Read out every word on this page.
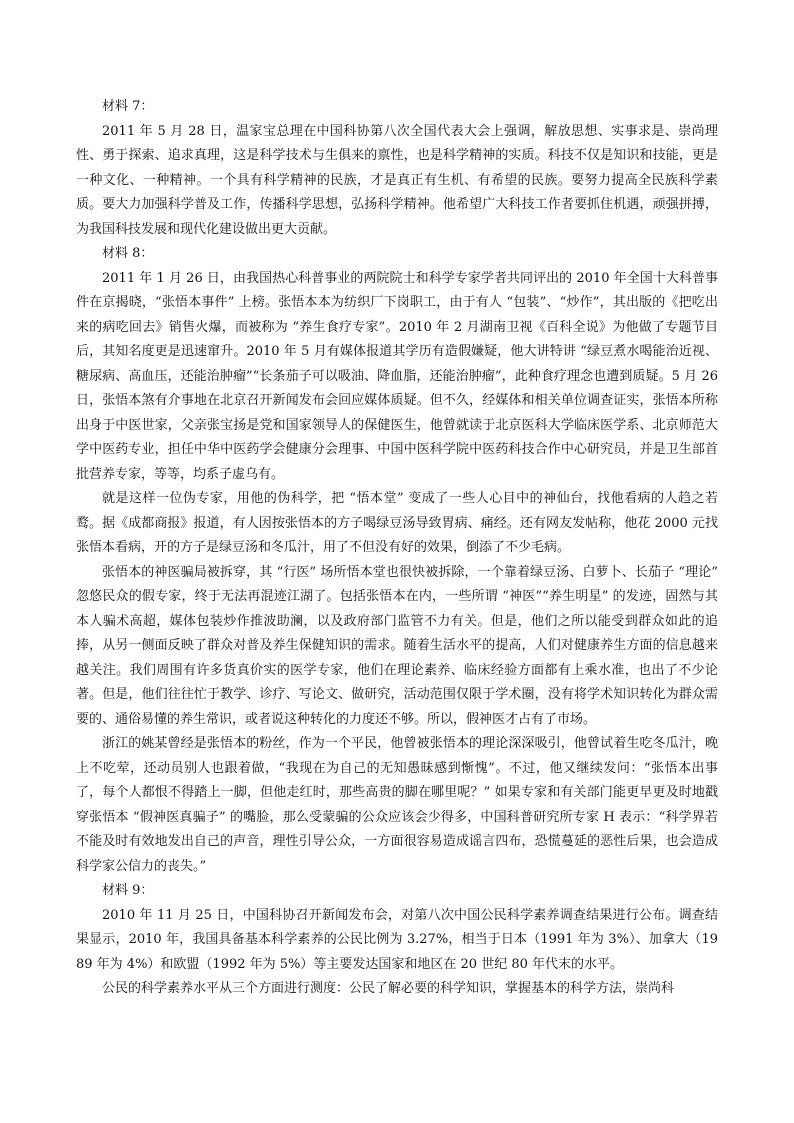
材料 7：

2011 年 5 月 28 日，温家宝总理在中国科协第八次全国代表大会上强调，解放思想、实事求是、崇尚理性、勇于探索、追求真理，这是科学技术与生俱来的禀性，也是科学精神的实质。科技不仅是知识和技能，更是一种文化、一种精神。一个具有科学精神的民族，才是真正有生机、有希望的民族。要努力提高全民族科学素质。要大力加强科学普及工作，传播科学思想，弘扬科学精神。他希望广大科技工作者要抓住机遇，顽强拼搏，为我国科技发展和现代化建设做出更大贡献。

材料 8：

2011 年 1 月 26 日，由我国热心科普事业的两院院士和科学专家学者共同评出的 2010 年全国十大科普事件在京揭晓，“张悟本事件” 上榜。张悟本本为纺织厂下岗职工，由于有人 “包装”、“炒作”，其出版的《把吃出来的病吃回去》销售火爆，而被称为 “养生食疗专家”。2010 年 2 月湖南卫视《百科全说》为他做了专题节目后，其知名度更是迅速窜升。2010 年 5 月有媒体报道其学历有造假嫌疑，他大讲特讲 “绿豆煮水喝能治近视、糖尿病、高血压，还能治肿瘤”“长条茄子可以吸油、降血脂，还能治肿瘤”，此种食疗理念也遭到质疑。5 月 26 日，张悟本煞有介事地在北京召开新闻发布会回应媒体质疑。但不久，经媒体和相关单位调查证实，张悟本所称出身于中医世家，父亲张宝扬是党和国家领导人的保健医生，他曾就读于北京医科大学临床医学系、北京师范大学中医药专业，担任中华中医药学会健康分会理事、中国中医科学院中医药科技合作中心研究员，并是卫生部首批营养专家，等等，均系子虚乌有。

就是这样一位伪专家，用他的伪科学，把 “悟本堂” 变成了一些人心目中的神仙台，找他看病的人趋之若鹜。据《成都商报》报道，有人因按张悟本的方子喝绿豆汤导致胃病、痛经。还有网友发帖称，他花 2000 元找张悟本看病，开的方子是绿豆汤和冬瓜汁，用了不但没有好的效果，倒添了不少毛病。

张悟本的神医骗局被拆穿，其 “行医” 场所悟本堂也很快被拆除，一个靠着绿豆汤、白萝卜、长茄子 “理论” 忽悠民众的假专家，终于无法再混迹江湖了。包括张悟本在内，一些所谓 “神医”“养生明星” 的发迹，固然与其本人骗术高超，媒体包装炒作推波助澜，以及政府部门监管不力有关。但是，他们之所以能受到群众如此的追捧，从另一侧面反映了群众对普及养生保健知识的需求。随着生活水平的提高，人们对健康养生方面的信息越来越关注。我们周围有许多货真价实的医学专家，他们在理论素养、临床经验方面都有上乘水准，也出了不少论著。但是，他们往往忙于教学、诊疗、写论文、做研究，活动范围仅限于学术圈，没有将学术知识转化为群众需要的、通俗易懂的养生常识，或者说这种转化的力度还不够。所以，假神医才占有了市场。

浙江的姚某曾经是张悟本的粉丝，作为一个平民，他曾被张悟本的理论深深吸引，他曾试着生吃冬瓜汁，晚上不吃荤，还动员别人也跟着做，“我现在为自己的无知愚昧感到惭愧”。不过，他又继续发问：“张悟本出事了，每个人都恨不得踏上一脚，但他走红时，那些高贵的脚在哪里呢？” 如果专家和有关部门能更早更及时地戳穿张悟本 “假神医真骗子” 的嘴脸，那么受蒙骗的公众应该会少得多，中国科普研究所专家 H 表示：“科学界若不能及时有效地发出自己的声音，理性引导公众，一方面很容易造成谣言四布，恐慌蔓延的恶性后果，也会造成科学家公信力的丧失。”

材料 9：

2010 年 11 月 25 日，中国科协召开新闻发布会，对第八次中国公民科学素养调查结果进行公布。调查结果显示，2010 年，我国具备基本科学素养的公民比例为 3.27%，相当于日本（1991 年为 3%）、加拿大（1989 年为 4%）和欧盟（1992 年为 5%）等主要发达国家和地区在 20 世纪 80 年代末的水平。

公民的科学素养水平从三个方面进行测度：公民了解必要的科学知识，掌握基本的科学方法，崇尚科
